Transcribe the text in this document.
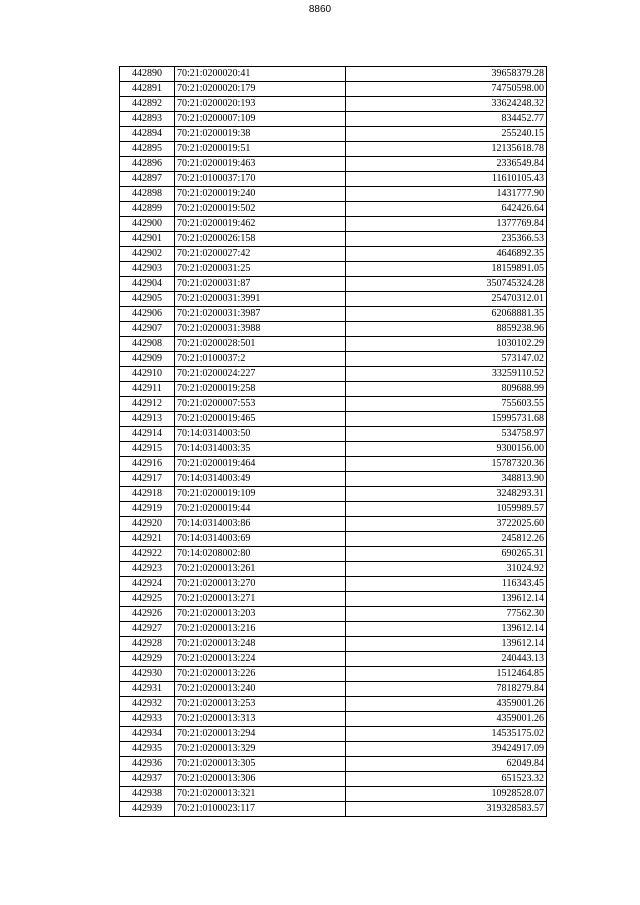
8860
442890	70:21:0200020:41	39658379.28
442891	70:21:0200020:179	74750598.00
442892	70:21:0200020:193	33624248.32
442893	70:21:0200007:109	834452.77
442894	70:21:0200019:38	255240.15
442895	70:21:0200019:51	12135618.78
442896	70:21:0200019:463	2336549.84
442897	70:21:0100037:170	11610105.43
442898	70:21:0200019:240	1431777.90
442899	70:21:0200019:502	642426.64
442900	70:21:0200019:462	1377769.84
442901	70:21:0200026:158	235366.53
442902	70:21:0200027:42	4646892.35
442903	70:21:0200031:25	18159891.05
442904	70:21:0200031:87	350745324.28
442905	70:21:0200031:3991	25470312.01
442906	70:21:0200031:3987	62068881.35
442907	70:21:0200031:3988	8859238.96
442908	70:21:0200028:501	1030102.29
442909	70:21:0100037:2	573147.02
442910	70:21:0200024:227	33259110.52
442911	70:21:0200019:258	809688.99
442912	70:21:0200007:553	755603.55
442913	70:21:0200019:465	15995731.68
442914	70:14:0314003:50	534758.97
442915	70:14:0314003:35	9300156.00
442916	70:21:0200019:464	15787320.36
442917	70:14:0314003:49	348813.90
442918	70:21:0200019:109	3248293.31
442919	70:21:0200019:44	1059989.57
442920	70:14:0314003:86	3722025.60
442921	70:14:0314003:69	245812.26
442922	70:14:0208002:80	690265.31
442923	70:21:0200013:261	31024.92
442924	70:21:0200013:270	116343.45
442925	70:21:0200013:271	139612.14
442926	70:21:0200013:203	77562.30
442927	70:21:0200013:216	139612.14
442928	70:21:0200013:248	139612.14
442929	70:21:0200013:224	240443.13
442930	70:21:0200013:226	1512464.85
442931	70:21:0200013:240	7818279.84
442932	70:21:0200013:253	4359001.26
442933	70:21:0200013:313	4359001.26
442934	70:21:0200013:294	14535175.02
442935	70:21:0200013:329	39424917.09
442936	70:21:0200013:305	62049.84
442937	70:21:0200013:306	651523.32
442938	70:21:0200013:321	10928528.07
442939	70:21:0100023:117	319328583.57
